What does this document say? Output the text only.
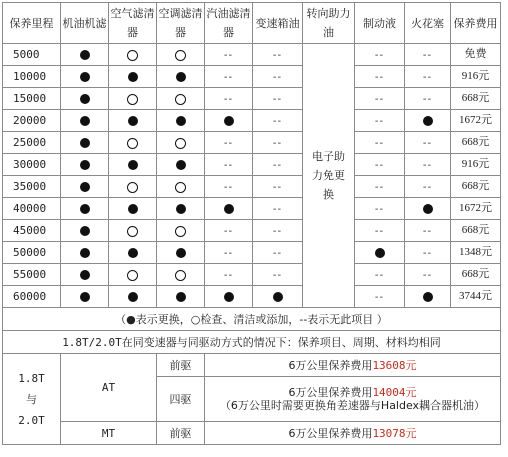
保养里程	机油机滤	空气滤清器	空调滤清器	汽油滤清器	变速箱油	转向助力油	制动液	火花塞	保养费用
5000				--	--	电子助力免更换	--	--	免费
10000				--	--		--	--	916元
15000				--	--		--	--	668元
20000					--		--		1672元
25000				--	--		--	--	668元
30000				--	--		--	--	916元
35000				--	--		--	--	668元
40000					--		--		1672元
45000				--	--		--	--	668元
50000				--	--			--	1348元
55000				--	--		--	--	668元
60000							--		3744元
（●表示更换，○检查、清洁或添加，--表示无此项目 ）									
1.8T/2.0T在同变速器与同驱动方式的情况下：保养项目、周期、材料均相同									
1.8T 与 2.0T	AT		前驱	6万公里保养费用13608元					
			四驱	6万公里保养费用14004元
（6万公里时需要更换角差速器与Haldex耦合器机油）					
	MT		前驱	6万公里保养费用13078元					
